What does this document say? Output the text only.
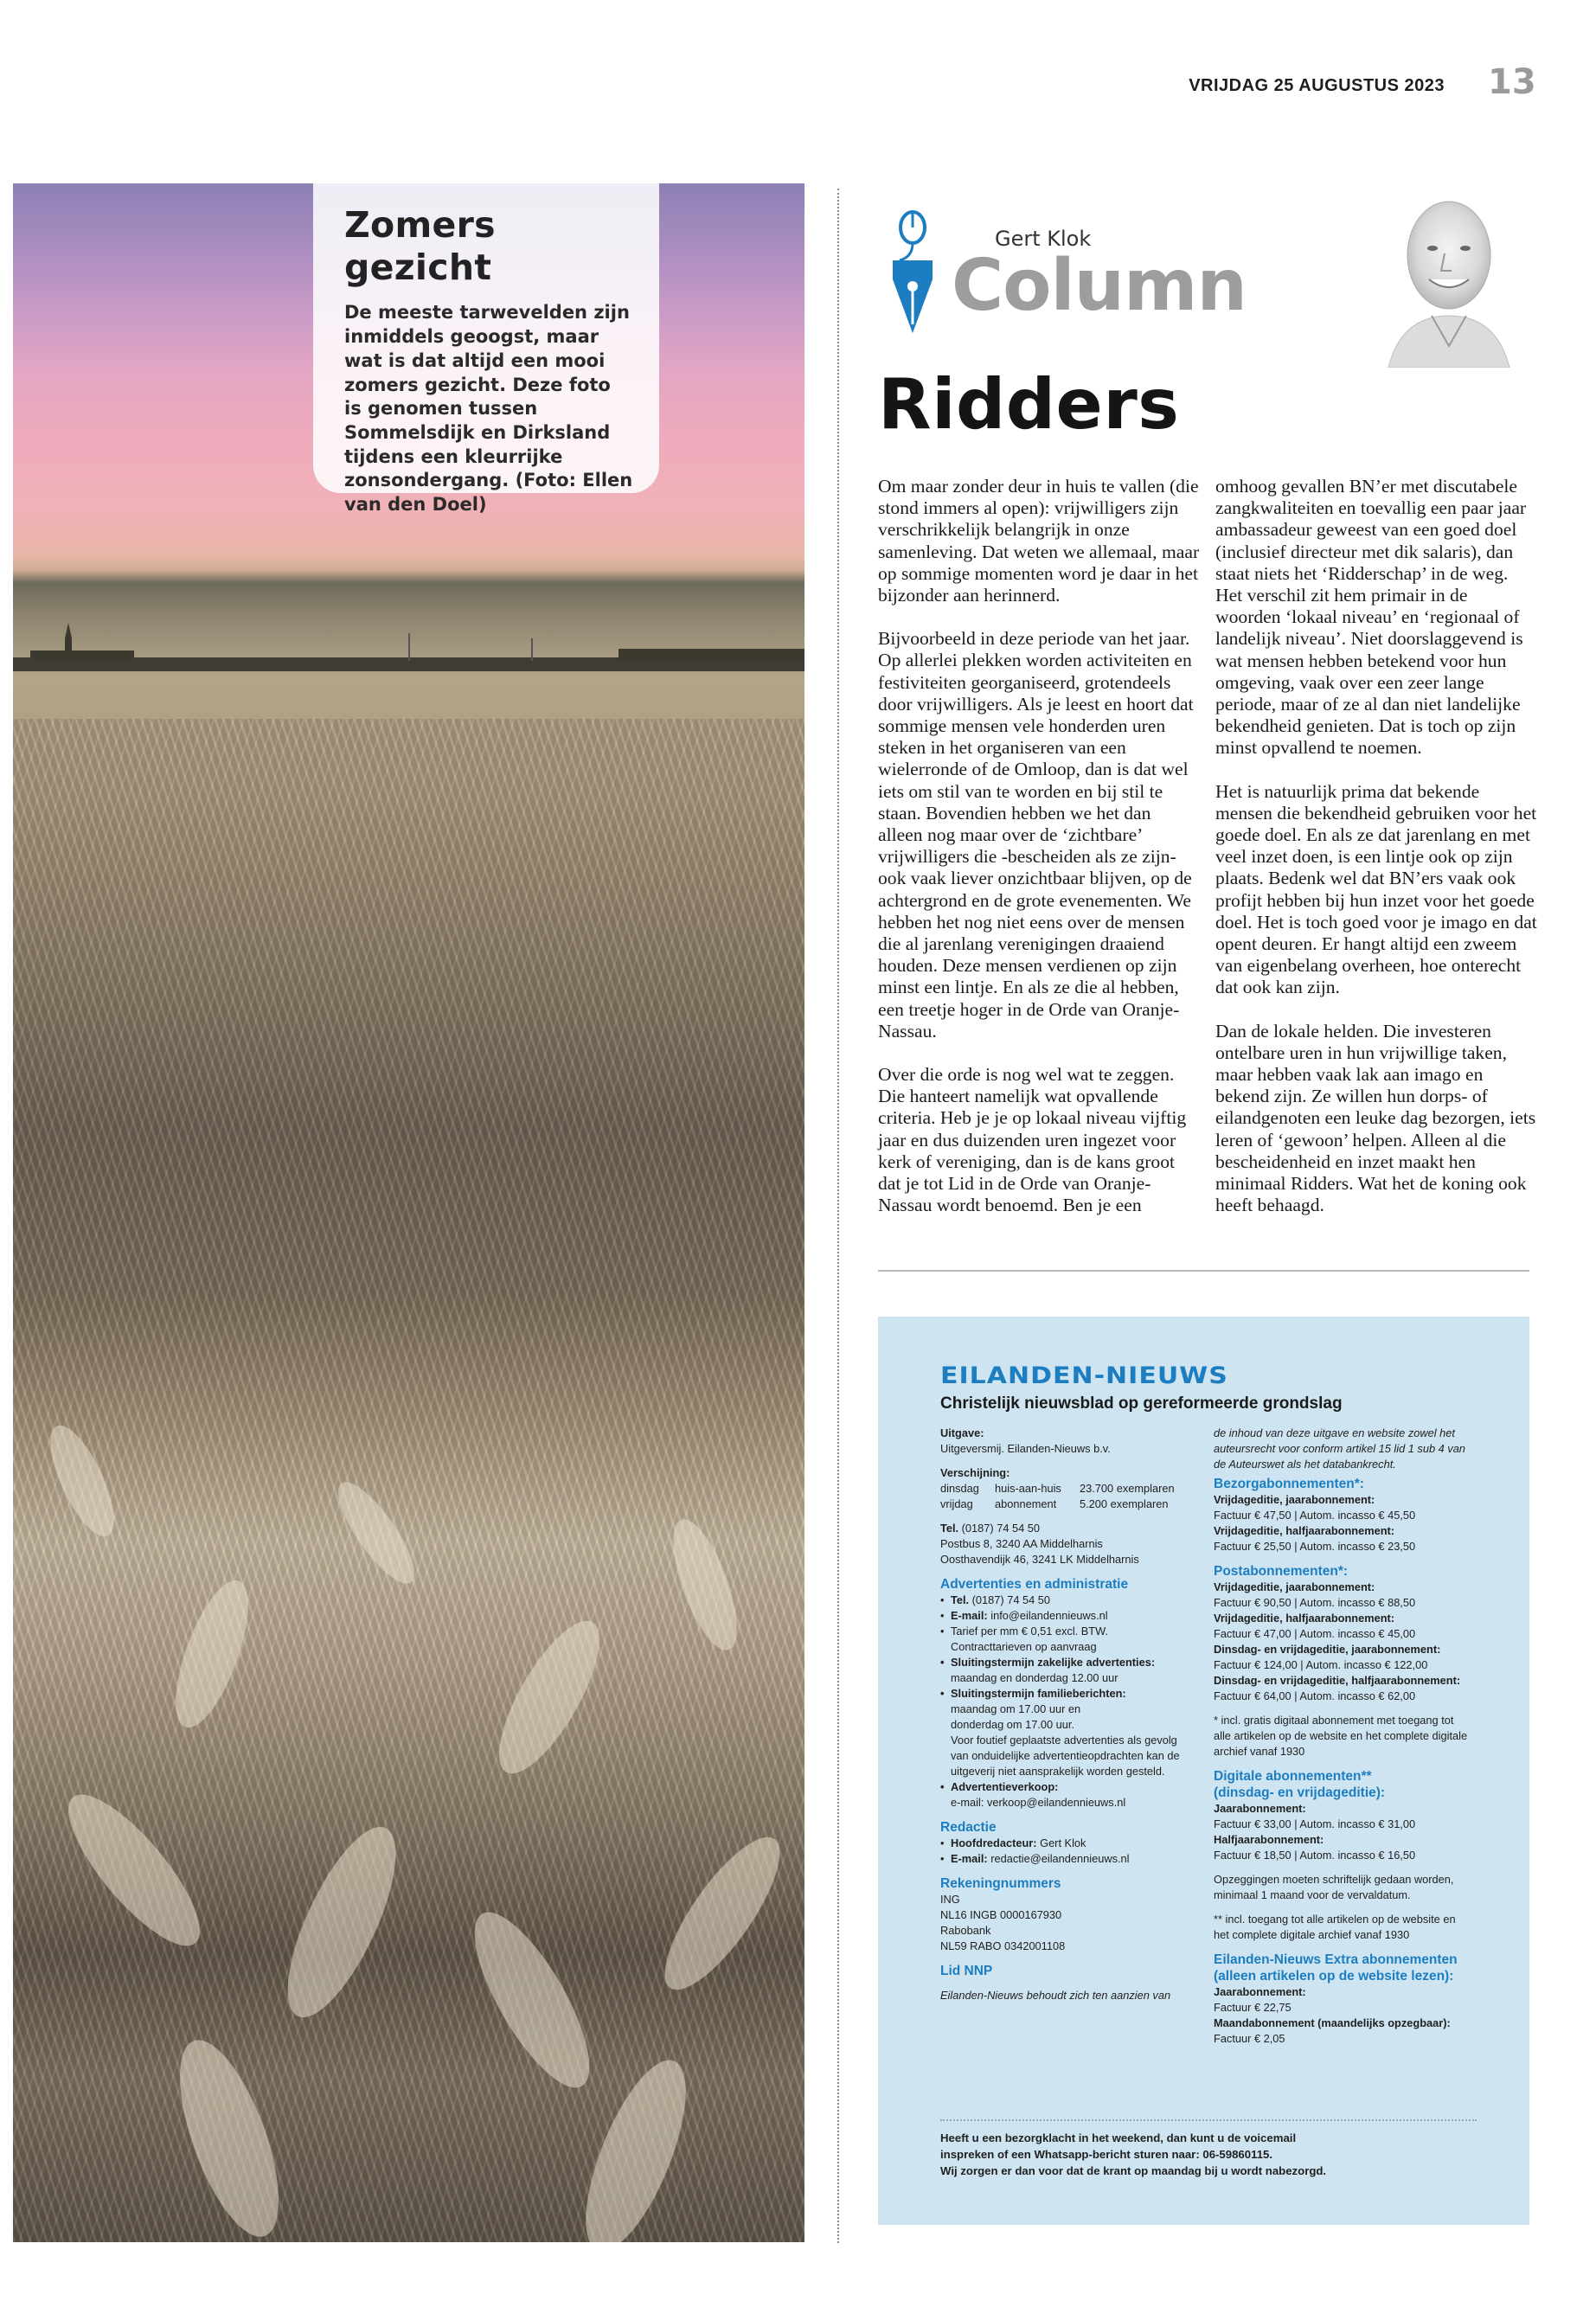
VRIJDAG 25 AUGUSTUS 2023 13
Zomers gezicht
De meeste tarwevelden zijn inmiddels geoogst, maar wat is dat altijd een mooi zomers gezicht. Deze foto is genomen tussen Sommelsdijk en Dirksland tijdens een kleurrijke zonsondergang. (Foto: Ellen van den Doel)
Gert Klok
Column
Ridders

Om maar zonder deur in huis te vallen (die stond immers al open): vrijwilligers zijn verschrikkelijk belangrijk in onze samenleving. Dat weten we allemaal, maar op sommige momenten word je daar in het bijzonder aan herinnerd.

Bijvoorbeeld in deze periode van het jaar. Op allerlei plekken worden activiteiten en festiviteiten georganiseerd, grotendeels door vrijwilligers. Als je leest en hoort dat sommige mensen vele honderden uren steken in het organiseren van een wielerronde of de Omloop, dan is dat wel iets om stil van te worden en bij stil te staan. Bovendien hebben we het dan alleen nog maar over de ‘zichtbare’ vrijwilligers die -bescheiden als ze zijn- ook vaak liever onzichtbaar blijven, op de achtergrond en de grote evenementen. We hebben het nog niet eens over de mensen die al jarenlang verenigingen draaiend houden. Deze mensen verdienen op zijn minst een lintje. En als ze die al hebben, een treetje hoger in de Orde van Oranje-Nassau.

Over die orde is nog wel wat te zeggen. Die hanteert namelijk wat opvallende criteria. Heb je je op lokaal niveau vijftig jaar en dus duizenden uren ingezet voor kerk of vereniging, dan is de kans groot dat je tot Lid in de Orde van Oranje-Nassau wordt benoemd. Ben je een

omhoog gevallen BN’er met discutabele zangkwaliteiten en toevallig een paar jaar ambassadeur geweest van een goed doel (inclusief directeur met dik salaris), dan staat niets het ‘Ridderschap’ in de weg. Het verschil zit hem primair in de woorden ‘lokaal niveau’ en ‘regionaal of landelijk niveau’. Niet doorslaggevend is wat mensen hebben betekend voor hun omgeving, vaak over een zeer lange periode, maar of ze al dan niet landelijke bekendheid genieten. Dat is toch op zijn minst opvallend te noemen.

Het is natuurlijk prima dat bekende mensen die bekendheid gebruiken voor het goede doel. En als ze dat jarenlang en met veel inzet doen, is een lintje ook op zijn plaats. Bedenk wel dat BN’ers vaak ook profijt hebben bij hun inzet voor het goede doel. Het is toch goed voor je imago en dat opent deuren. Er hangt altijd een zweem van eigenbelang overheen, hoe onterecht dat ook kan zijn.

Dan de lokale helden. Die investeren ontelbare uren in hun vrijwillige taken, maar hebben vaak lak aan imago en bekend zijn. Ze willen hun dorps- of eilandgenoten een leuke dag bezorgen, iets leren of ‘gewoon’ helpen. Alleen al die bescheidenheid en inzet maakt hen minimaal Ridders. Wat het de koning ook heeft behaagd.

EILANDEN-NIEUWS
Christelijk nieuwsblad op gereformeerde grondslag
Uitgave:
Uitgeversmij. Eilanden-Nieuws b.v.
Verschijning:
dinsdag	huis-aan-huis	23.700 exemplaren
vrijdag	abonnement	5.200 exemplaren
Tel. (0187) 74 54 50
Postbus 8, 3240 AA Middelharnis
Oosthavendijk 46, 3241 LK Middelharnis
Advertenties en administratie
• Tel. (0187) 74 54 50
• E-mail: info@eilandennieuws.nl
• Tarief per mm € 0,51 excl. BTW.
Contracttarieven op aanvraag
• Sluitingstermijn zakelijke advertenties:
maandag en donderdag 12.00 uur
• Sluitingstermijn familieberichten:
maandag om 17.00 uur en
donderdag om 17.00 uur.
Voor foutief geplaatste advertenties als gevolg
van onduidelijke advertentieopdrachten kan de
uitgeverij niet aansprakelijk worden gesteld.
• Advertentieverkoop:
e-mail: verkoop@eilandennieuws.nl
Redactie
• Hoofdredacteur: Gert Klok
• E-mail: redactie@eilandennieuws.nl
Rekeningnummers
ING
NL16 INGB 0000167930
Rabobank
NL59 RABO 0342001108
Lid NNP
Eilanden-Nieuws behoudt zich ten aanzien van
de inhoud van deze uitgave en website zowel het
auteursrecht voor conform artikel 15 lid 1 sub 4 van
de Auteurswet als het databankrecht.
Bezorgabonnementen*:
Vrijdageditie, jaarabonnement:
Factuur € 47,50 | Autom. incasso € 45,50
Vrijdageditie, halfjaarabonnement:
Factuur € 25,50 | Autom. incasso € 23,50
Postabonnementen*:
Vrijdageditie, jaarabonnement:
Factuur € 90,50 | Autom. incasso € 88,50
Vrijdageditie, halfjaarabonnement:
Factuur € 47,00 | Autom. incasso € 45,00
Dinsdag- en vrijdageditie, jaarabonnement:
Factuur € 124,00 | Autom. incasso € 122,00
Dinsdag- en vrijdageditie, halfjaarabonnement:
Factuur € 64,00 | Autom. incasso € 62,00
* incl. gratis digitaal abonnement met toegang tot
alle artikelen op de website en het complete digitale
archief vanaf 1930
Digitale abonnementen**
(dinsdag- en vrijdageditie):
Jaarabonnement:
Factuur € 33,00 | Autom. incasso € 31,00
Halfjaarabonnement:
Factuur € 18,50 | Autom. incasso € 16,50
Opzeggingen moeten schriftelijk gedaan worden,
minimaal 1 maand voor de vervaldatum.
** incl. toegang tot alle artikelen op de website en
het complete digitale archief vanaf 1930
Eilanden-Nieuws Extra abonnementen
(alleen artikelen op de website lezen):
Jaarabonnement:
Factuur € 22,75
Maandabonnement (maandelijks opzegbaar):
Factuur € 2,05
Heeft u een bezorgklacht in het weekend, dan kunt u de voicemail
inspreken of een Whatsapp-bericht sturen naar: 06-59860115.
Wij zorgen er dan voor dat de krant op maandag bij u wordt nabezorgd.
